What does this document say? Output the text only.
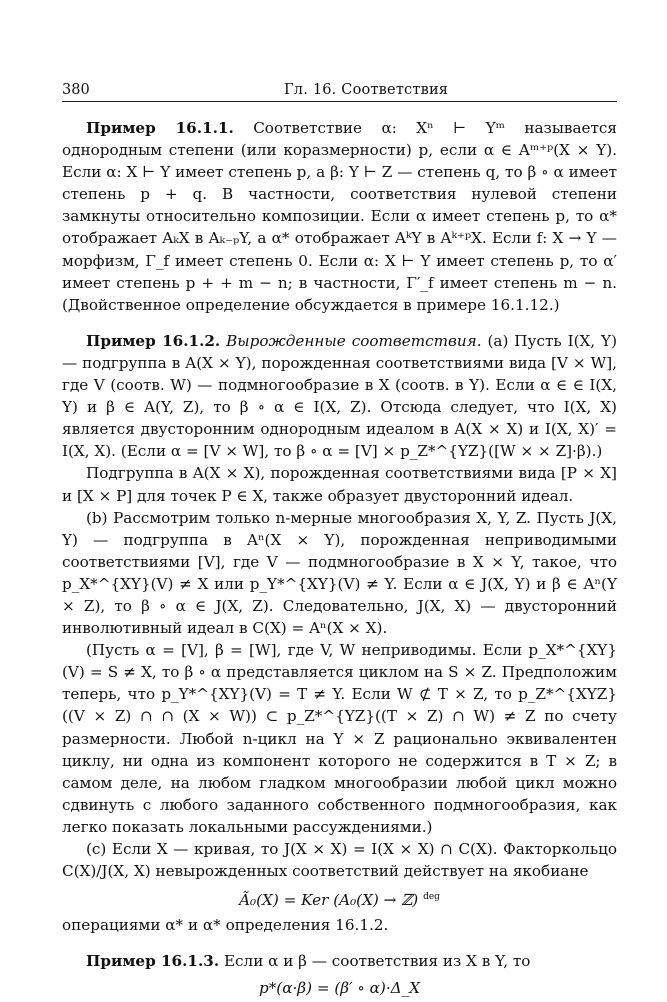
380	Гл. 16. Соответствия

Пример 16.1.1. Соответствие α: Xⁿ ⊢ Yᵐ называется однородным степени (или коразмерности) p, если α ∈ Aᵐ⁺ᵖ(X × Y). Если α: X ⊢ Y имеет степень p, а β: Y ⊢ Z — степень q, то β ∘ α имеет степень p + q. В частности, соответствия нулевой степени замкнуты относительно композиции. Если α имеет степень p, то α* отображает AₖX в Aₖ₋ₚY, а α* отображает AᵏY в Aᵏ⁺ᵖX. Если f: X → Y — морфизм, Γ_f имеет степень 0. Если α: X ⊢ Y имеет степень p, то α′ имеет степень p + + m − n; в частности, Γ′_f имеет степень m − n. (Двойственное определение обсуждается в примере 16.1.12.)

Пример 16.1.2. Вырожденные соответствия. (a) Пусть I(X, Y) — подгруппа в A(X × Y), порожденная соответствиями вида [V × W], где V (соотв. W) — подмногообразие в X (соотв. в Y). Если α ∈ ∈ I(X, Y) и β ∈ A(Y, Z), то β ∘ α ∈ I(X, Z). Отсюда следует, что I(X, X) является двусторонним однородным идеалом в A(X × X) и I(X, X)′ = I(X, X). (Если α = [V × W], то β ∘ α = [V] × p_Z*^{YZ}([W × × Z]·β).)

Подгруппа в A(X × X), порожденная соответствиями вида [P × X] и [X × P] для точек P ∈ X, также образует двусторонний идеал.

(b) Рассмотрим только n-мерные многообразия X, Y, Z. Пусть J(X, Y) — подгруппа в Aⁿ(X × Y), порожденная неприводимыми соответствиями [V], где V — подмногообразие в X × Y, такое, что p_X*^{XY}(V) ≠ X или p_Y*^{XY}(V) ≠ Y. Если α ∈ J(X, Y) и β ∈ Aⁿ(Y × Z), то β ∘ α ∈ J(X, Z). Следовательно, J(X, X) — двусторонний инволютивный идеал в C(X) = Aⁿ(X × X).

(Пусть α = [V], β = [W], где V, W неприводимы. Если p_X*^{XY}(V) = S ≠ X, то β ∘ α представляется циклом на S × Z. Предположим теперь, что p_Y*^{XY}(V) = T ≠ Y. Если W ⊄ T × Z, то p_Z*^{XYZ}((V × Z) ∩ ∩ (X × W)) ⊂ p_Z*^{YZ}((T × Z) ∩ W) ≠ Z по счету размерности. Любой n-цикл на Y × Z рационально эквивалентен циклу, ни одна из компонент которого не содержится в T × Z; в самом деле, на любом гладком многообразии любой цикл можно сдвинуть с любого заданного собственного подмногообразия, как легко показать локальными рассуждениями.)

(c) Если X — кривая, то J(X × X) = I(X × X) ∩ C(X). Факторкольцо C(X)/J(X, X) невырожденных соответствий действует на якобиане

Ã₀(X) = Ker (A₀(X) → ℤ) $^{deg}$

операциями α* и α* определения 16.1.2.

Пример 16.1.3. Если α и β — соответствия из X в Y, то

p*(α·β) = (β′ ∘ α)·Δ_X
